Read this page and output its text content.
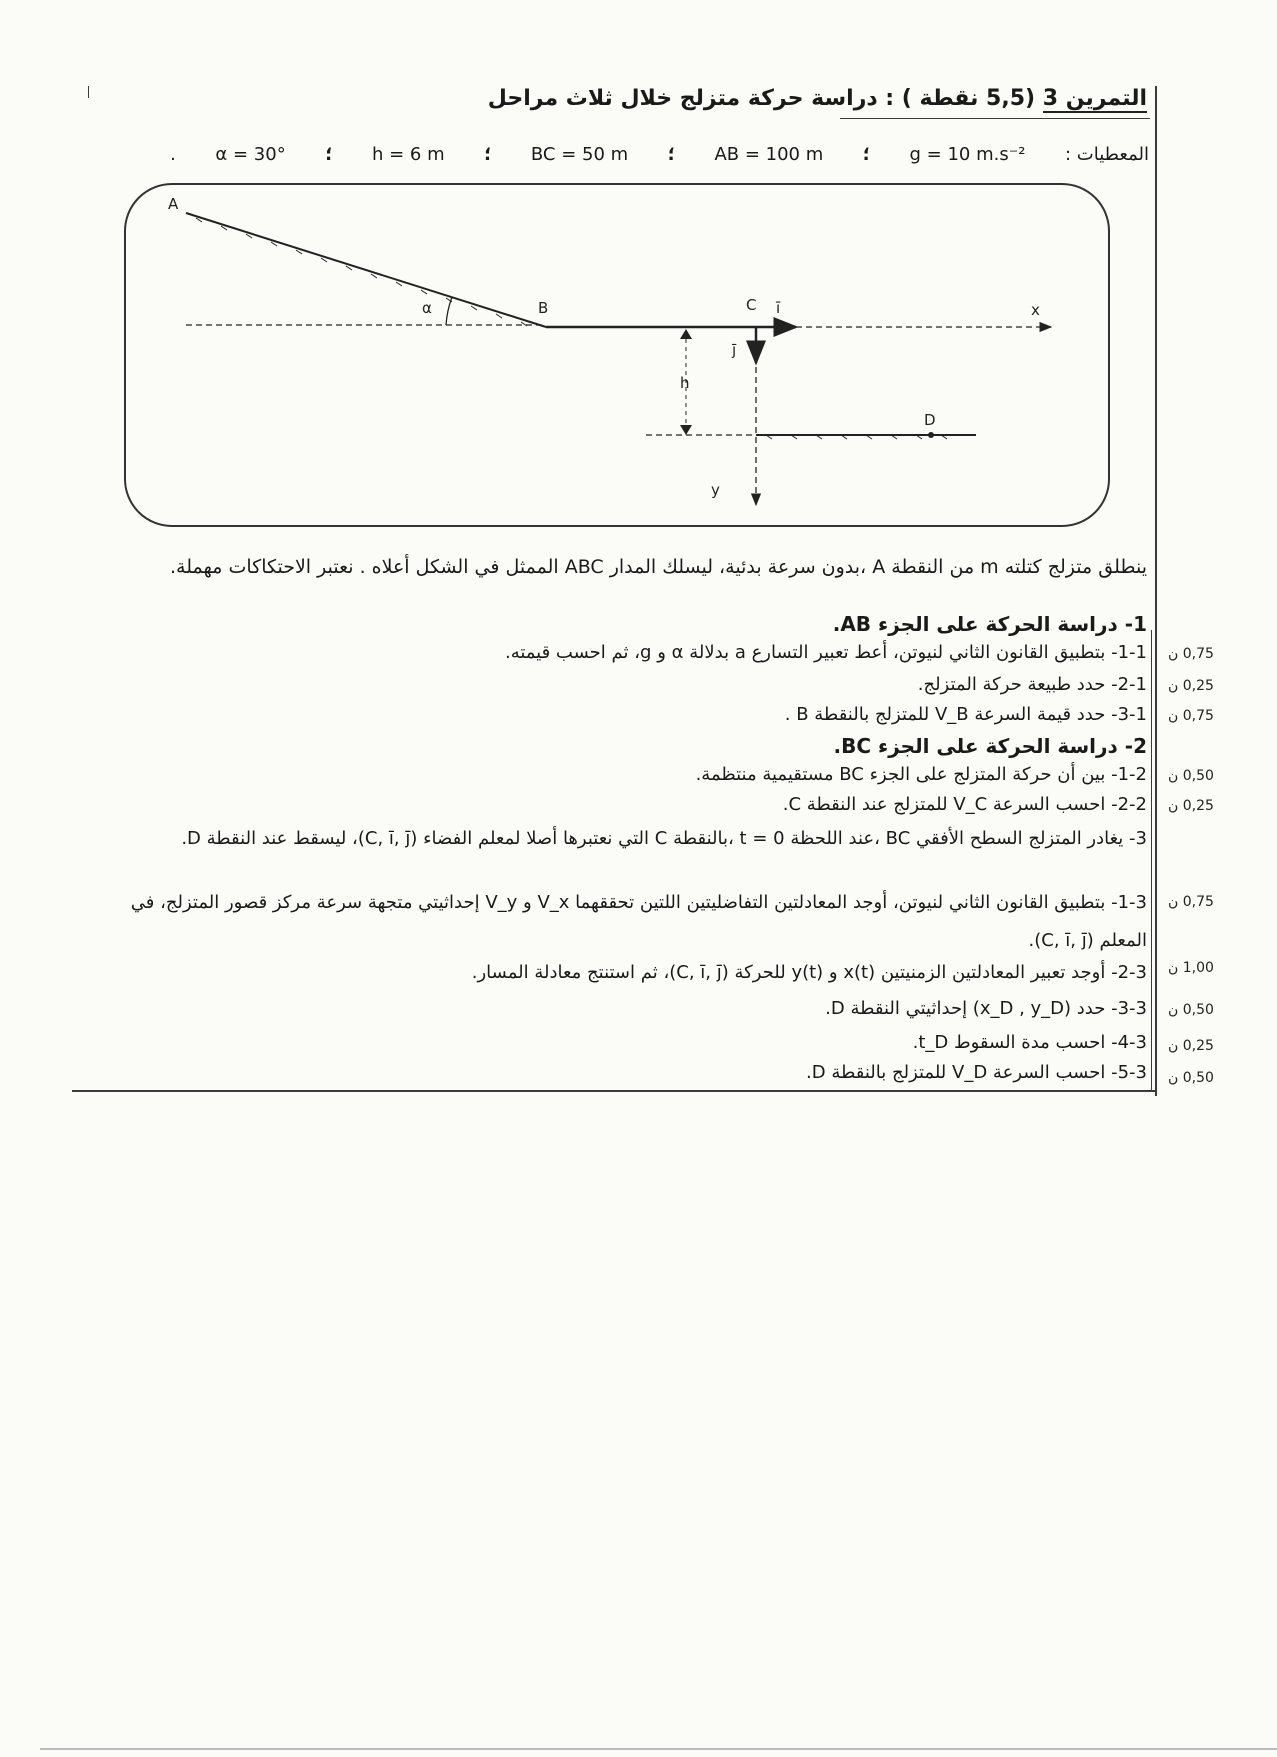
التمرين 3 (5,5 نقطة ) : دراسة حركة متزلج خلال ثلاث مراحل
المعطيات :
g = 10 m.s⁻²
؛
AB = 100 m
؛
BC = 50 m
؛
h = 6 m
؛
α = 30°
.
A
B	C
D
α
h
x
y
ī
j̄
ينطلق متزلج كتلته m من النقطة A ،بدون سرعة بدئية، ليسلك المدار ABC الممثل في الشكل أعلاه . نعتبر الاحتكاكات مهملة.
1- دراسة الحركة على الجزء AB.
1-1- بتطبيق القانون الثاني لنيوتن، أعط تعبير التسارع a بدلالة α و g، ثم احسب قيمته. 0,75 ن
2-1- حدد طبيعة حركة المتزلج. 0,25 ن
3-1- حدد قيمة السرعة V_B للمتزلج بالنقطة B . 0,75 ن
2- دراسة الحركة على الجزء BC.
1-2- بين أن حركة المتزلج على الجزء BC مستقيمية منتظمة. 0,50 ن
2-2- احسب السرعة V_C للمتزلج عند النقطة C. 0,25 ن
3- يغادر المتزلج السطح الأفقي BC ،عند اللحظة t = 0 ،بالنقطة C التي نعتبرها أصلا لمعلم الفضاء (C, ī, j̄)، ليسقط عند النقطة D.
1-3- بتطبيق القانون الثاني لنيوتن، أوجد المعادلتين التفاضليتين اللتين تحققهما V_x و V_y إحداثيتي متجهة سرعة مركز قصور المتزلج، في المعلم (C, ī, j̄).
0,75 ن
2-3- أوجد تعبير المعادلتين الزمنيتين x(t) و y(t) للحركة (C, ī, j̄)، ثم استنتج معادلة المسار. 1,00 ن
3-3- حدد (x_D , y_D) إحداثيتي النقطة D. 0,50 ن
4-3- احسب مدة السقوط t_D. 0,25 ن
5-3- احسب السرعة V_D للمتزلج بالنقطة D. 0,50 ن
